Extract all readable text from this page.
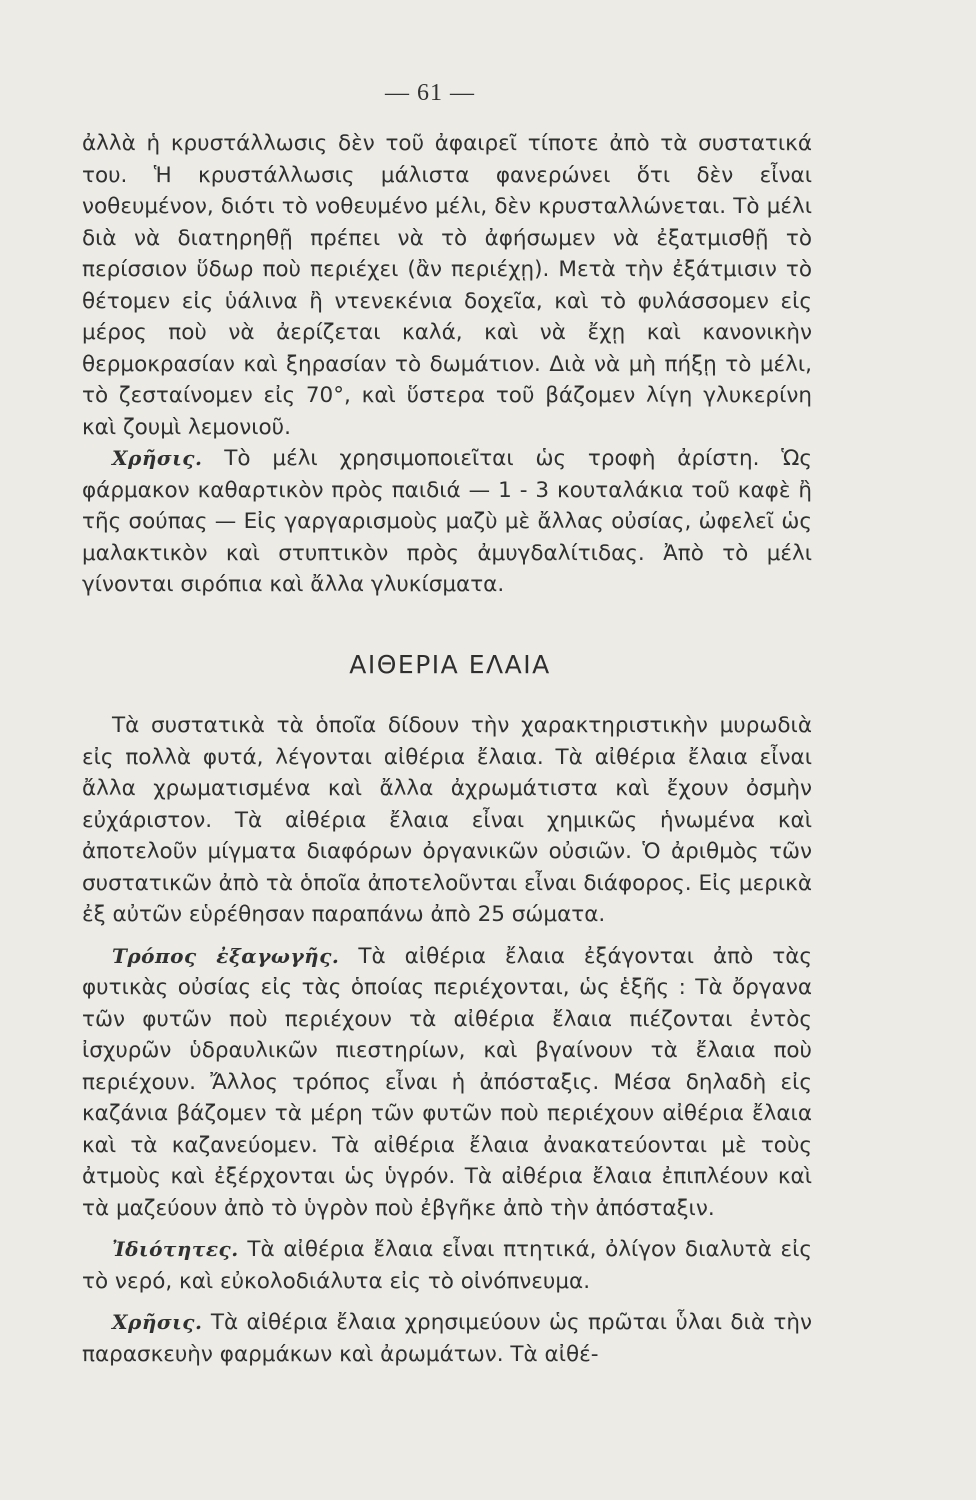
— 61 —

ἀλλὰ ἡ κρυστάλλωσις δὲν τοῦ ἀφαιρεῖ τίποτε ἀπὸ τὰ συστατικά του. Ἡ κρυστάλλωσις μάλιστα φανερώνει ὅτι δὲν εἶναι νοθευμένον, διότι τὸ νοθευμένο μέλι, δὲν κρυσταλλώνεται. Τὸ μέλι διὰ νὰ διατηρηθῇ πρέπει νὰ τὸ ἀφήσωμεν νὰ ἐξατμισθῇ τὸ περίσσιον ὕδωρ ποὺ περιέχει (ἂν περιέχῃ). Μετὰ τὴν ἐξάτμισιν τὸ θέτομεν εἰς ὑάλινα ἢ ντενεκένια δοχεῖα, καὶ τὸ φυλάσσομεν εἰς μέρος ποὺ νὰ ἀερίζεται καλά, καὶ νὰ ἔχῃ καὶ κανονικὴν θερμοκρασίαν καὶ ξηρασίαν τὸ δωμάτιον. Διὰ νὰ μὴ πήξῃ τὸ μέλι, τὸ ζεσταίνομεν εἰς 70°, καὶ ὕστερα τοῦ βάζομεν λίγη γλυκερίνη καὶ ζουμὶ λεμονιοῦ.

Χρῆσις. Τὸ μέλι χρησιμοποιεῖται ὡς τροφὴ ἀρίστη. Ὡς φάρμακον καθαρτικὸν πρὸς παιδιά — 1 - 3 κουταλάκια τοῦ καφὲ ἢ τῆς σούπας — Εἰς γαργαρισμοὺς μαζὺ μὲ ἄλλας οὐσίας, ὠφελεῖ ὡς μαλακτικὸν καὶ στυπτικὸν πρὸς ἀμυγδαλίτιδας. Ἀπὸ τὸ μέλι γίνονται σιρόπια καὶ ἄλλα γλυκίσματα.

ΑΙΘΕΡΙΑ ΕΛΑΙΑ

Τὰ συστατικὰ τὰ ὁποῖα δίδουν τὴν χαρακτηριστικὴν μυρωδιὰ εἰς πολλὰ φυτά, λέγονται αἰθέρια ἔλαια. Τὰ αἰθέρια ἔλαια εἶναι ἄλλα χρωματισμένα καὶ ἄλλα ἀχρωμάτιστα καὶ ἔχουν ὀσμὴν εὐχάριστον. Τὰ αἰθέρια ἔλαια εἶναι χημικῶς ἡνωμένα καὶ ἀποτελοῦν μίγματα διαφόρων ὀργανικῶν οὐσιῶν. Ὁ ἀριθμὸς τῶν συστατικῶν ἀπὸ τὰ ὁποῖα ἀποτελοῦνται εἶναι διάφορος. Εἰς μερικὰ ἐξ αὐτῶν εὑρέθησαν παραπάνω ἀπὸ 25 σώματα.

Τρόπος ἐξαγωγῆς. Τὰ αἰθέρια ἔλαια ἐξάγονται ἀπὸ τὰς φυτικὰς οὐσίας εἰς τὰς ὁποίας περιέχονται, ὡς ἑξῆς : Τὰ ὄργανα τῶν φυτῶν ποὺ περιέχουν τὰ αἰθέρια ἔλαια πιέζονται ἐντὸς ἰσχυρῶν ὑδραυλικῶν πιεστηρίων, καὶ βγαίνουν τὰ ἔλαια ποὺ περιέχουν. Ἄλλος τρόπος εἶναι ἡ ἀπόσταξις. Μέσα δηλαδὴ εἰς καζάνια βάζομεν τὰ μέρη τῶν φυτῶν ποὺ περιέχουν αἰθέρια ἔλαια καὶ τὰ καζανεύομεν. Τὰ αἰθέρια ἔλαια ἀνακατεύονται μὲ τοὺς ἀτμοὺς καὶ ἐξέρχονται ὡς ὑγρόν. Τὰ αἰθέρια ἔλαια ἐπιπλέουν καὶ τὰ μαζεύουν ἀπὸ τὸ ὑγρὸν ποὺ ἐβγῆκε ἀπὸ τὴν ἀπόσταξιν.

Ἰδιότητες. Τὰ αἰθέρια ἔλαια εἶναι πτητικά, ὀλίγον διαλυτὰ εἰς τὸ νερό, καὶ εὐκολοδιάλυτα εἰς τὸ οἰνόπνευμα.

Χρῆσις. Τὰ αἰθέρια ἔλαια χρησιμεύουν ὡς πρῶται ὗλαι διὰ τὴν παρασκευὴν φαρμάκων καὶ ἀρωμάτων. Τὰ αἰθέ-
